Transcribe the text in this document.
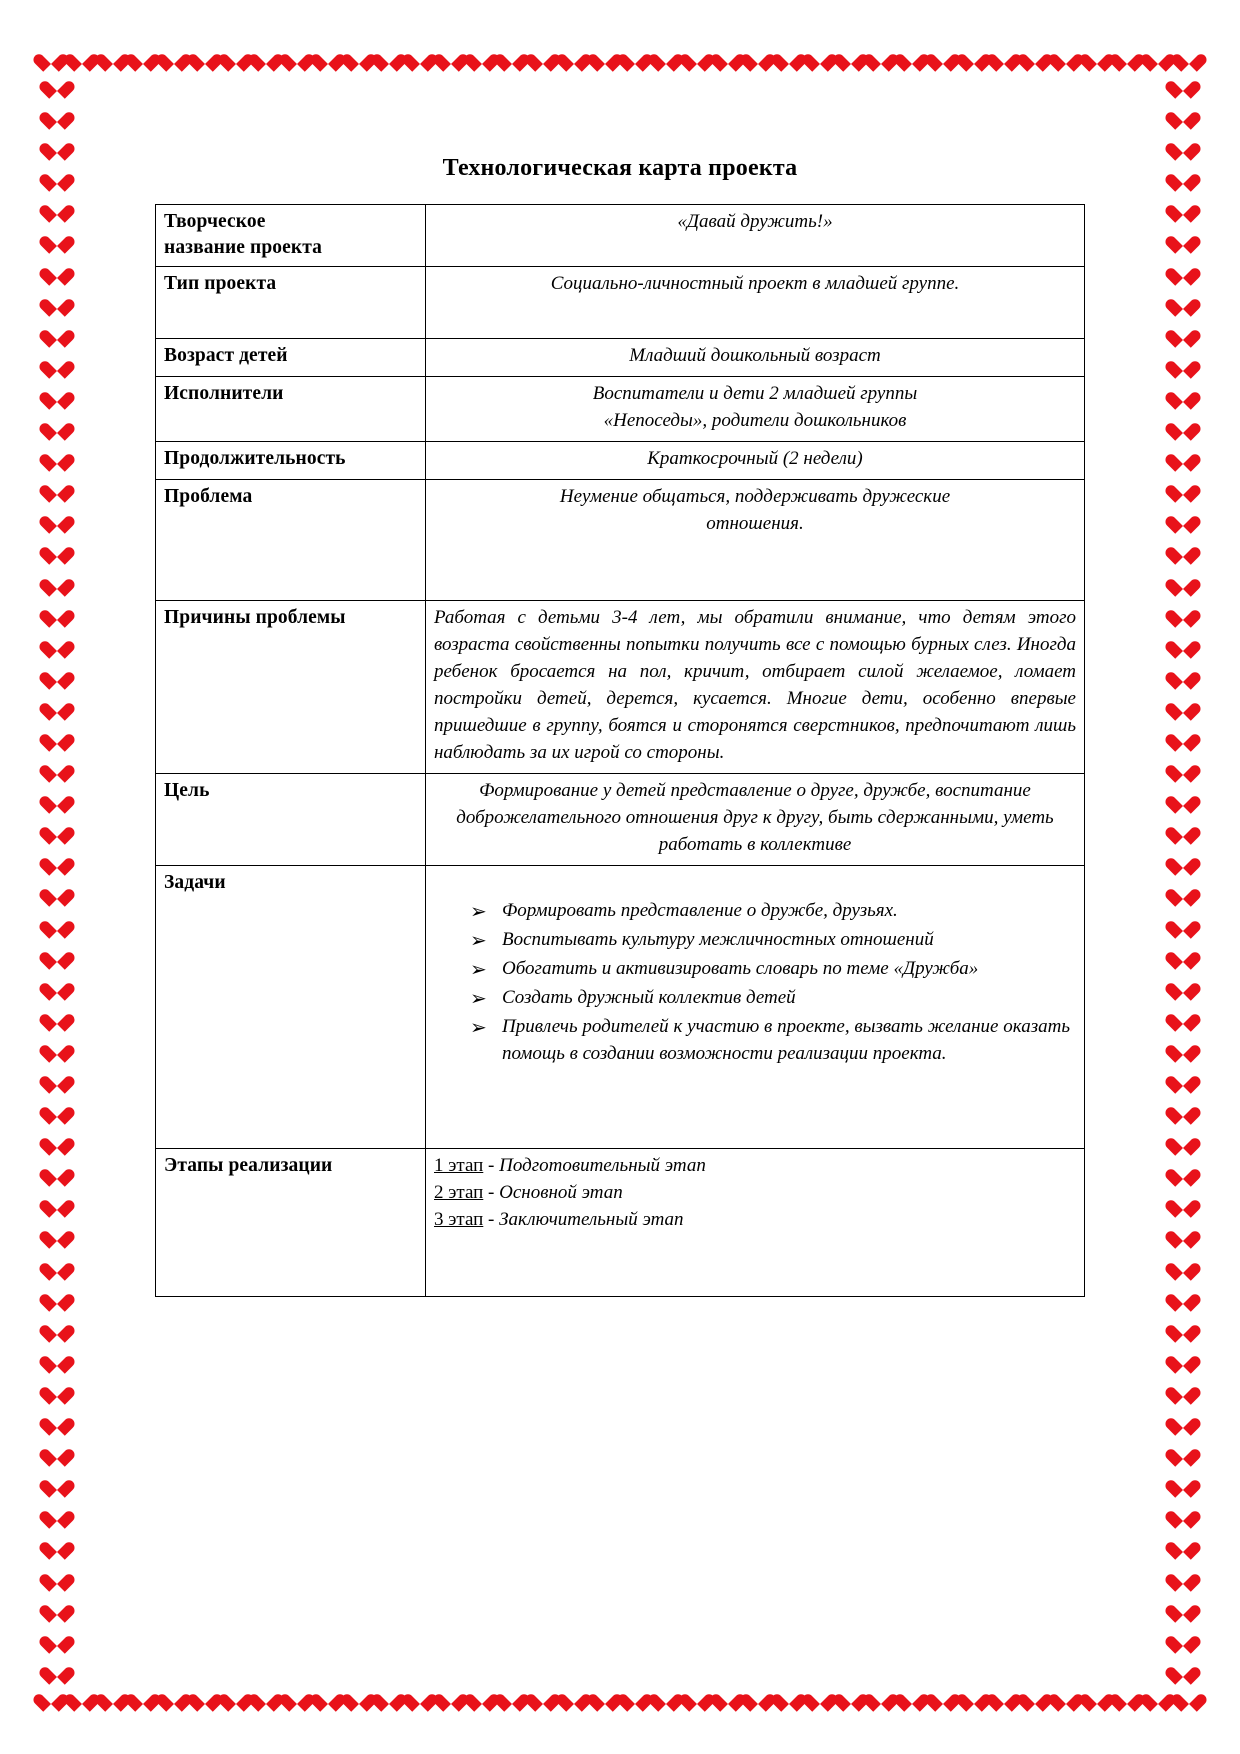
Технологическая карта проекта
Творческое
название проекта	«Давай дружить!»

Тип проекта	Социально-личностный проект в младшей группе.

Возраст детей	Младший дошкольный возраст

Исполнители	Воспитатели и дети 2 младшей группы

«Непоседы», родители дошкольников

Продолжительность	Краткосрочный (2 недели)

Проблема	Неумение общаться, поддерживать дружеские

отношения.

Причины проблемы	Работая с детьми 3-4 лет, мы обратили внимание, что детям этого возраста свойственны попытки получить все с помощью бурных слез. Иногда ребенок бросается на пол, кричит, отбирает силой желаемое, ломает постройки детей, дерется, кусается. Многие дети, особенно впервые пришедшие в группу, боятся и сторонятся сверстников, предпочитают лишь наблюдать за их игрой со стороны.

Цель	Формирование у детей представление о друге, дружбе, воспитание доброжелательного отношения друг к другу, быть сдержанными, уметь работать в коллективе

Задачи	
➢ Формировать представление о дружбе, друзьях.
➢ Воспитывать культуру межличностных отношений
➢ Обогатить и активизировать словарь по теме «Дружба»
➢ Создать дружный коллектив детей
➢ Привлечь родителей к участию в проекте, вызвать желание оказать помощь в создании возможности реализации проекта.

Этапы реализации	1 этап - Подготовительный этап

2 этап - Основной этап

3 этап - Заключительный этап
